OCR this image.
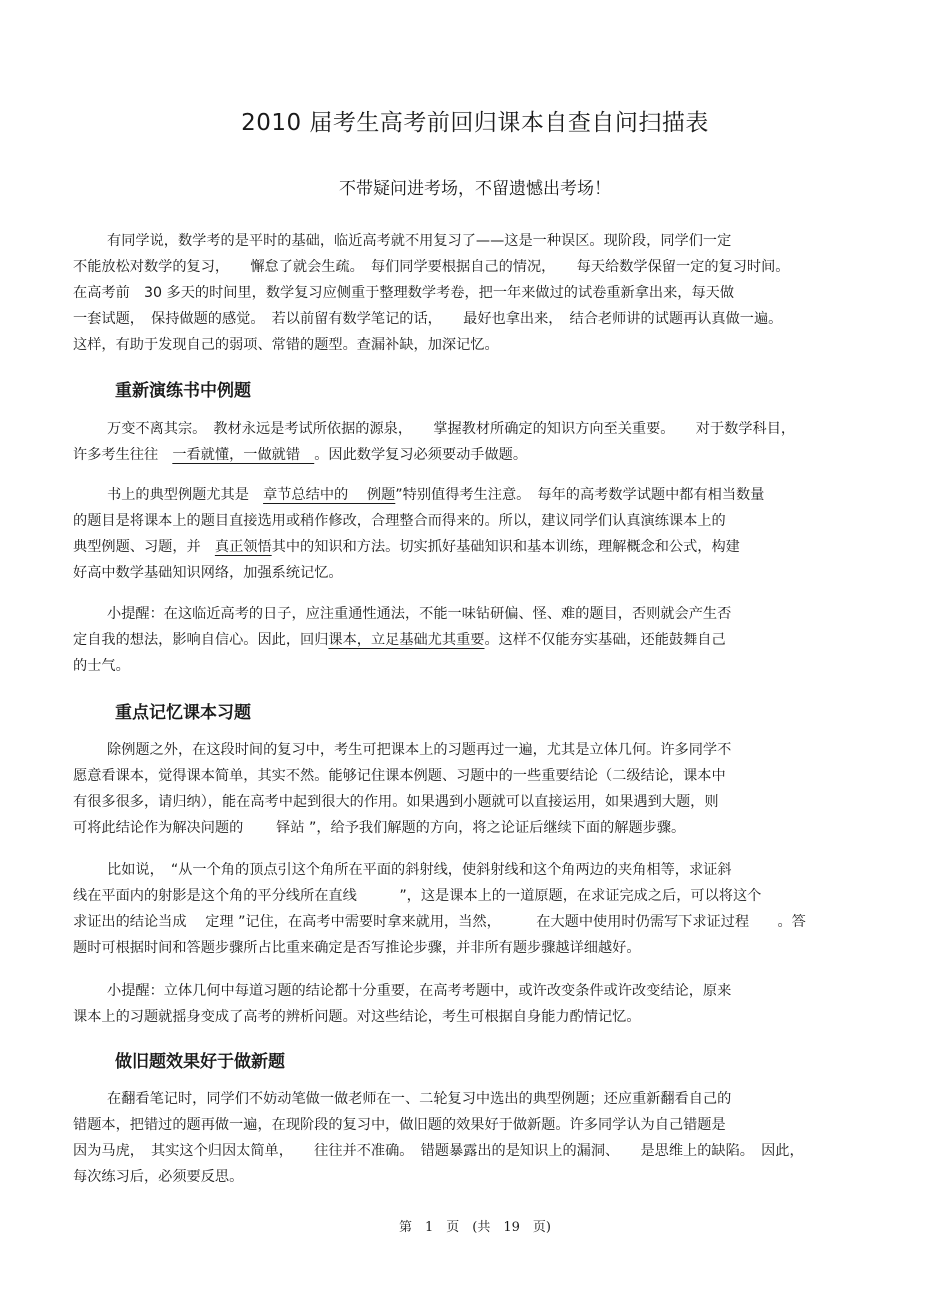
2010 届考生高考前回归课本自查自问扫描表
不带疑问进考场，不留遗憾出考场！

有同学说，数学考的是平时的基础，临近高考就不用复习了——这是一种误区。现阶段，同学们一定
不能放松对数学的复习，　　懈怠了就会生疏。　每们同学要根据自己的情况，　　每天给数学保留一定的复习时间。
在高考前　30 多天的时间里，数学复习应侧重于整理数学考卷，把一年来做过的试卷重新拿出来，每天做
一套试题，　保持做题的感觉。　若以前留有数学笔记的话，　　最好也拿出来，　结合老师讲的试题再认真做一遍。
这样，有助于发现自己的弱项、常错的题型。查漏补缺，加深记忆。

重新演练书中例题

万变不离其宗。　教材永远是考试所依据的源泉，　　掌握教材所确定的知识方向至关重要。　　对于数学科目，
许多考生往往　一看就懂，一做就错　。因此数学复习必须要动手做题。

书上的典型例题尤其是　章节总结中的　 例题”特别值得考生注意。　每年的高考数学试题中都有相当数量
的题目是将课本上的题目直接选用或稍作修改，合理整合而得来的。所以，建议同学们认真演练课本上的
典型例题、习题，并　真正领悟其中的知识和方法。切实抓好基础知识和基本训练，理解概念和公式，构建
好高中数学基础知识网络，加强系统记忆。

小提醒：在这临近高考的日子，应注重通性通法，不能一味钻研偏、怪、难的题目，否则就会产生否
定自我的想法，影响自信心。因此，回归课本，立足基础尤其重要。这样不仅能夯实基础，还能鼓舞自己
的士气。

重点记忆课本习题

除例题之外，在这段时间的复习中，考生可把课本上的习题再过一遍，尤其是立体几何。许多同学不
愿意看课本，觉得课本简单，其实不然。能够记住课本例题、习题中的一些重要结论（二级结论，课本中
有很多很多，请归纳），能在高考中起到很大的作用。如果遇到小题就可以直接运用，如果遇到大题，则
可将此结论作为解决问题的　　 铎站 ”，给予我们解题的方向，将之论证后继续下面的解题步骤。

比如说，　“从一个角的顶点引这个角所在平面的斜射线，使斜射线和这个角两边的夹角相等，求证斜
线在平面内的射影是这个角的平分线所在直线　　　”，这是课本上的一道原题，在求证完成之后，可以将这个
求证出的结论当成　 定理 ”记住，在高考中需要时拿来就用，当然，　　　在大题中使用时仍需写下求证过程　　。答
题时可根据时间和答题步骤所占比重来确定是否写推论步骤，并非所有题步骤越详细越好。

小提醒：立体几何中每道习题的结论都十分重要，在高考考题中，或许改变条件或许改变结论，原来
课本上的习题就摇身变成了高考的辨析问题。对这些结论，考生可根据自身能力酌情记忆。

做旧题效果好于做新题

在翻看笔记时，同学们不妨动笔做一做老师在一、二轮复习中选出的典型例题；还应重新翻看自己的
错题本，把错过的题再做一遍，在现阶段的复习中，做旧题的效果好于做新题。许多同学认为自己错题是
因为马虎，　其实这个归因太简单，　　往往并不准确。　错题暴露出的是知识上的漏洞、　　是思维上的缺陷。　因此，
每次练习后，必须要反思。

第　1　页　(共　19　页)
